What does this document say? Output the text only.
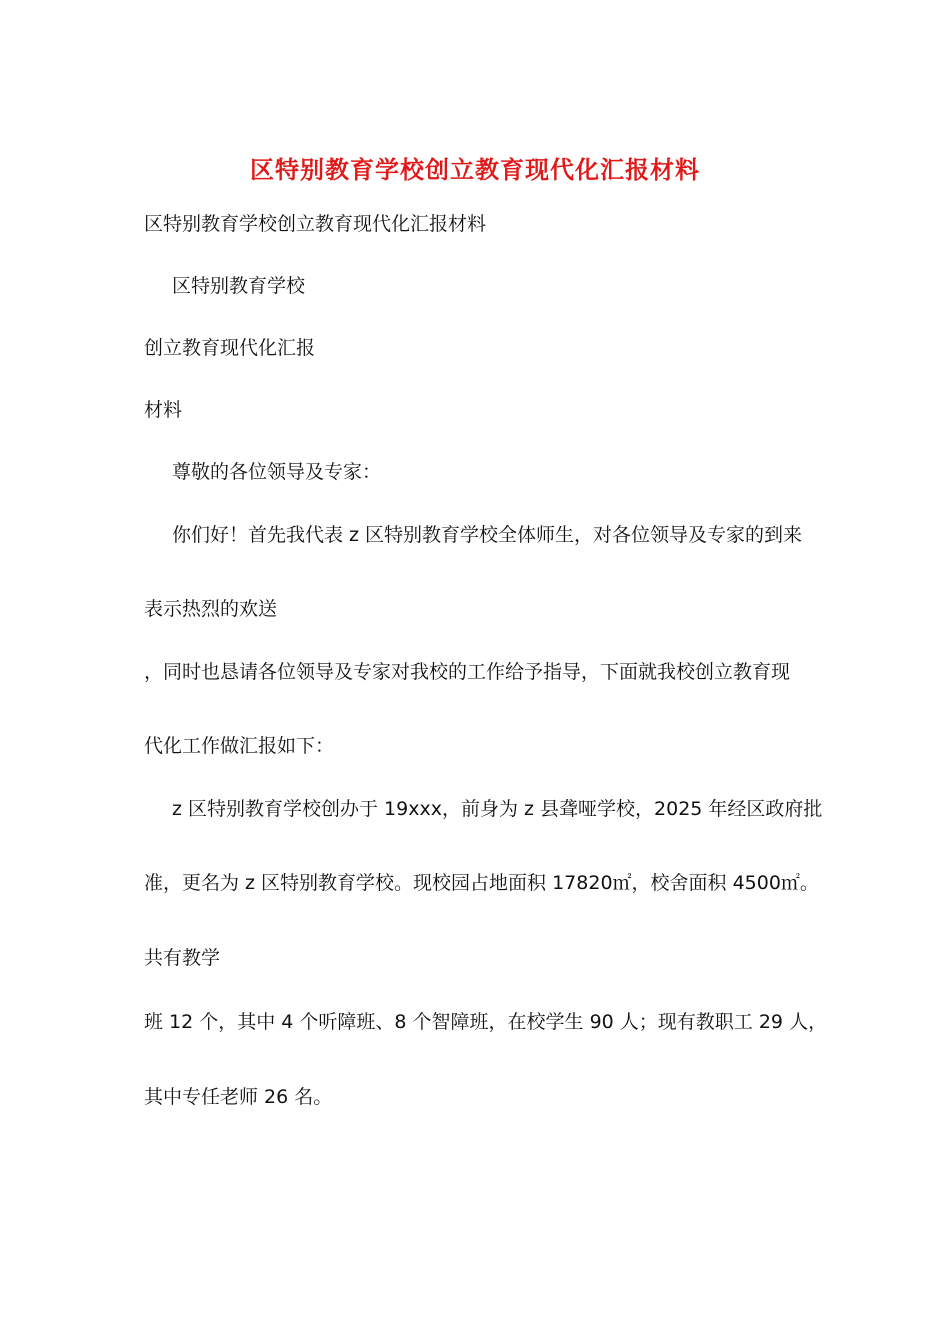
区特别教育学校创立教育现代化汇报材料
区特别教育学校创立教育现代化汇报材料
区特别教育学校
创立教育现代化汇报
材料
尊敬的各位领导及专家：
你们好！首先我代表 z 区特别教育学校全体师生，对各位领导及专家的到来
表示热烈的欢送
，同时也恳请各位领导及专家对我校的工作给予指导，下面就我校创立教育现
代化工作做汇报如下：
z 区特别教育学校创办于 19xxx，前身为 z 县聋哑学校，2025 年经区政府批
准，更名为 z 区特别教育学校。现校园占地面积 17820㎡，校舍面积 4500㎡。
共有教学
班 12 个，其中 4 个听障班、8 个智障班，在校学生 90 人；现有教职工 29 人，
其中专任老师 26 名。
